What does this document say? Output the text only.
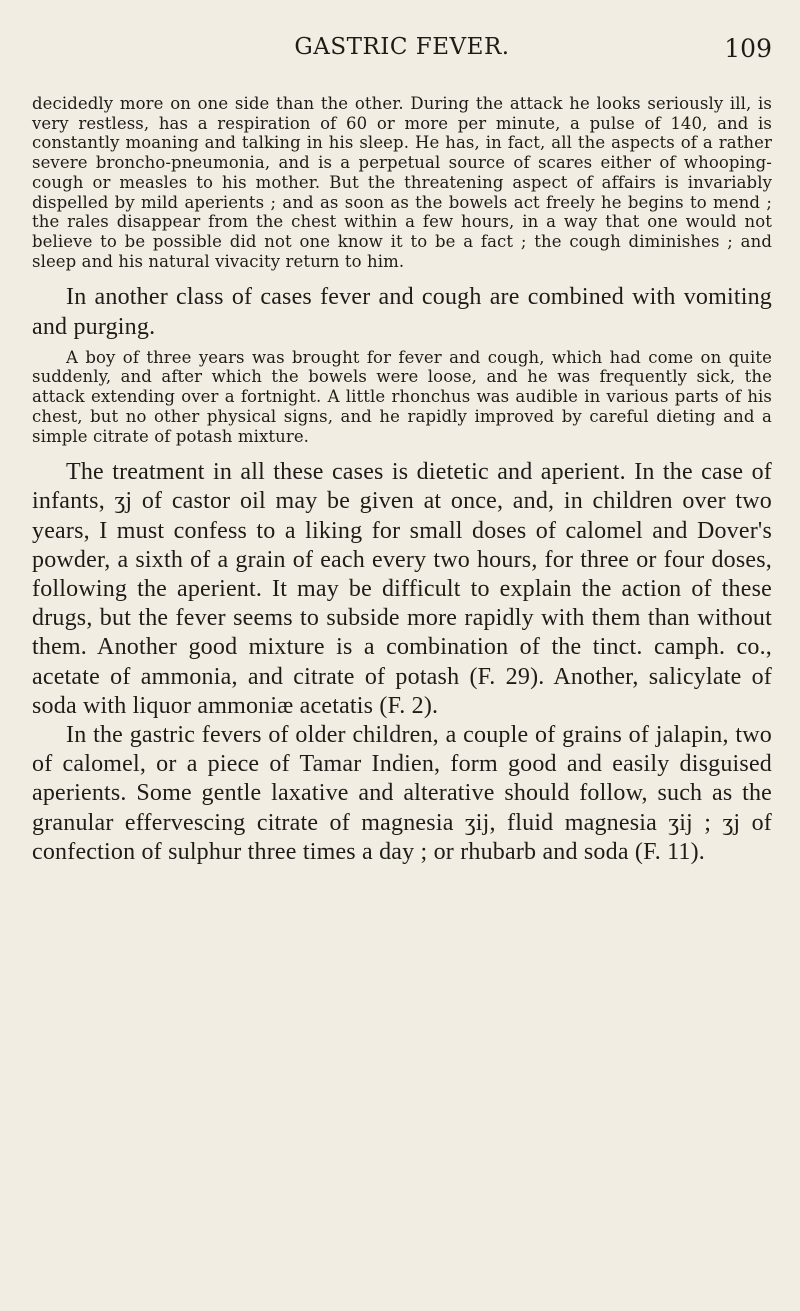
GASTRIC FEVER.	109

decidedly more on one side than the other. During the attack he looks seriously ill, is very restless, has a respiration of 60 or more per minute, a pulse of 140, and is constantly moaning and talking in his sleep. He has, in fact, all the aspects of a rather severe broncho-pneumonia, and is a perpetual source of scares either of whooping-cough or measles to his mother. But the threatening aspect of affairs is invariably dispelled by mild aperients ; and as soon as the bowels act freely he begins to mend ; the rales disappear from the chest within a few hours, in a way that one would not believe to be possible did not one know it to be a fact ; the cough diminishes ; and sleep and his natural vivacity return to him.

In another class of cases fever and cough are combined with vomiting and purging.

A boy of three years was brought for fever and cough, which had come on quite suddenly, and after which the bowels were loose, and he was frequently sick, the attack extending over a fortnight. A little rhonchus was audible in various parts of his chest, but no other physical signs, and he rapidly improved by careful dieting and a simple citrate of potash mixture.

The treatment in all these cases is dietetic and aperient. In the case of infants, ʒj of castor oil may be given at once, and, in children over two years, I must confess to a liking for small doses of calomel and Dover's powder, a sixth of a grain of each every two hours, for three or four doses, following the aperient. It may be difficult to explain the action of these drugs, but the fever seems to subside more rapidly with them than without them. Another good mixture is a combination of the tinct. camph. co., acetate of ammonia, and citrate of potash (F. 29). Another, salicylate of soda with liquor ammoniæ acetatis (F. 2).

In the gastric fevers of older children, a couple of grains of jalapin, two of calomel, or a piece of Tamar Indien, form good and easily disguised aperients. Some gentle laxative and alterative should follow, such as the granular effervescing citrate of magnesia ʒij, fluid magnesia ʒij ; ʒj of confection of sulphur three times a day ; or rhubarb and soda (F. 11).
